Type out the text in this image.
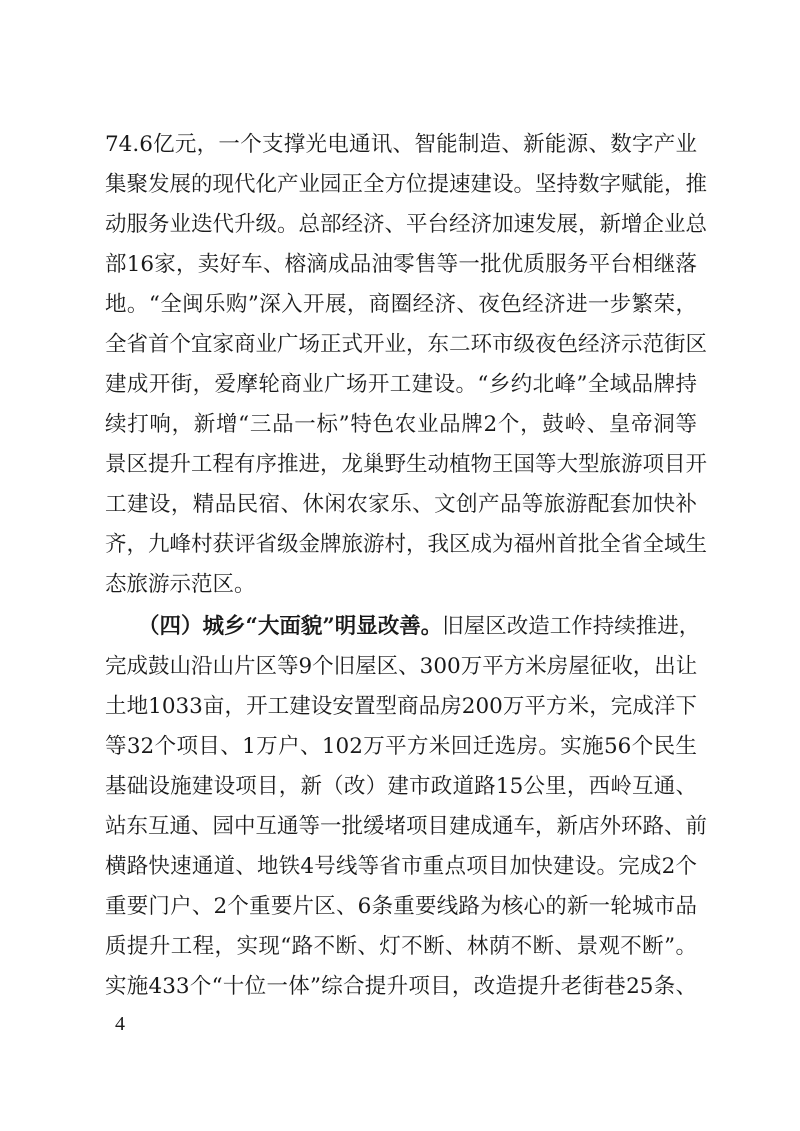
74.6亿元，一个支撑光电通讯、智能制造、新能源、数字产业
集聚发展的现代化产业园正全方位提速建设。坚持数字赋能，推
动服务业迭代升级。总部经济、平台经济加速发展，新增企业总
部16家，卖好车、榕滴成品油零售等一批优质服务平台相继落
地。“全闽乐购”深入开展，商圈经济、夜色经济进一步繁荣，
全省首个宜家商业广场正式开业，东二环市级夜色经济示范街区
建成开街，爱摩轮商业广场开工建设。“乡约北峰”全域品牌持
续打响，新增“三品一标”特色农业品牌2个，鼓岭、皇帝洞等
景区提升工程有序推进，龙巢野生动植物王国等大型旅游项目开
工建设，精品民宿、休闲农家乐、文创产品等旅游配套加快补
齐，九峰村获评省级金牌旅游村，我区成为福州首批全省全域生
态旅游示范区。
（四）城乡“大面貌”明显改善。旧屋区改造工作持续推进，
完成鼓山沿山片区等9个旧屋区、300万平方米房屋征收，出让
土地1033亩，开工建设安置型商品房200万平方米，完成洋下
等32个项目、1万户、102万平方米回迁选房。实施56个民生
基础设施建设项目，新（改）建市政道路15公里，西岭互通、
站东互通、园中互通等一批缓堵项目建成通车，新店外环路、前
横路快速通道、地铁4号线等省市重点项目加快建设。完成2个
重要门户、2个重要片区、6条重要线路为核心的新一轮城市品
质提升工程，实现“路不断、灯不断、林荫不断、景观不断”。
实施433个“十位一体”综合提升项目，改造提升老街巷25条、
4
